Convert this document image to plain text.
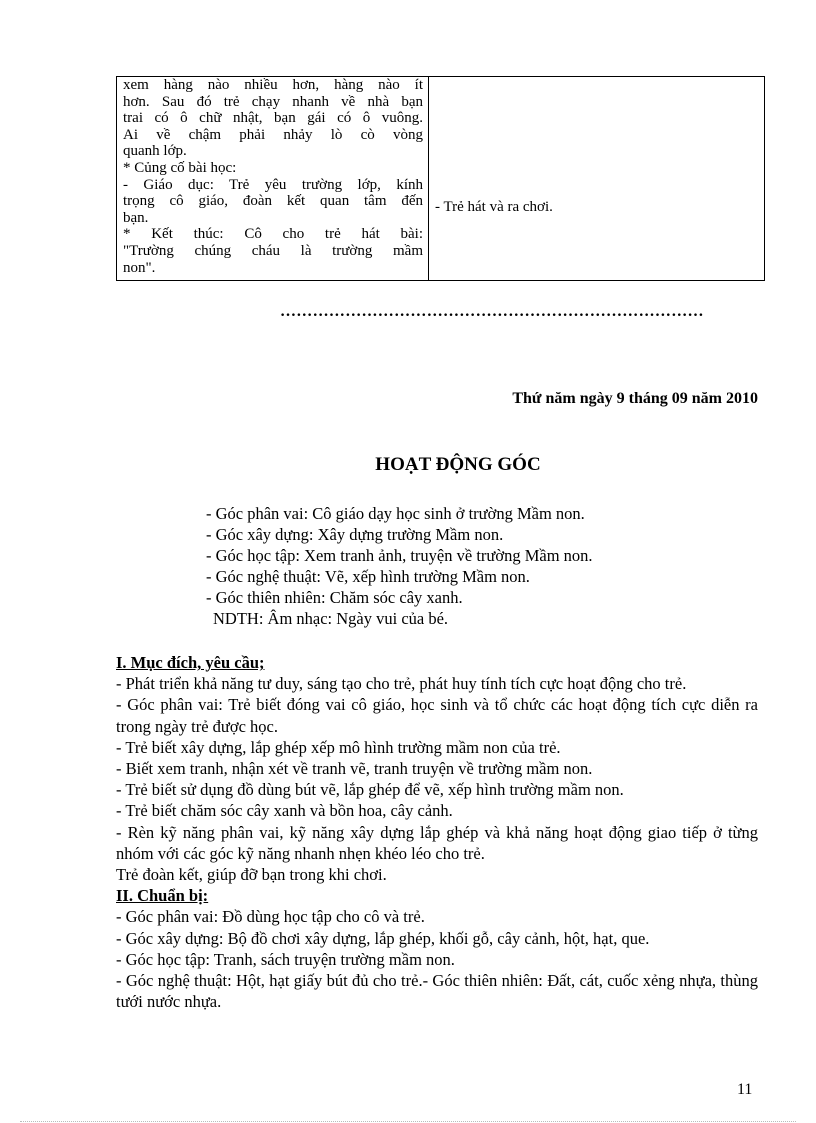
xem hàng nào nhiều hơn, hàng nào ít
hơn. Sau đó trẻ chạy nhanh về nhà bạn
trai có ô chữ nhật, bạn gái có ô vuông.
Ai về chậm phải nhảy lò cò vòng
quanh lớp.
* Củng cố bài học:
- Giáo dục: Trẻ yêu trường lớp, kính
trọng cô giáo, đoàn kết quan tâm đến
bạn.
* Kết thúc: Cô cho trẻ hát bài:
"Trường chúng cháu là trường mầm
non".
- Trẻ hát và ra chơi.
……………………………………………………………………
Thứ năm ngày 9 tháng 09 năm 2010
HOẠT ĐỘNG GÓC
- Góc phân vai: Cô giáo dạy học sinh ở trường Mầm non.
- Góc xây dựng: Xây dựng trường Mầm non.
- Góc học tập: Xem tranh ảnh, truyện về trường Mầm non.
- Góc nghệ thuật: Vẽ, xếp hình trường Mầm non.
- Góc thiên nhiên: Chăm sóc cây xanh.
NDTH: Âm nhạc: Ngày vui của bé.
I. Mục đích, yêu cầu;
- Phát triển khả năng tư duy, sáng tạo cho trẻ, phát huy tính tích cực hoạt động cho trẻ.
- Góc phân vai: Trẻ biết đóng vai cô giáo, học sinh và tổ chức các hoạt động tích cực diễn ra trong ngày trẻ được học.
- Trẻ biết xây dựng, lắp ghép xếp mô hình trường mầm non của trẻ.
- Biết xem tranh, nhận xét về tranh vẽ, tranh truyện về trường mầm non.
- Trẻ biết sử dụng đồ dùng bút vẽ, lắp ghép để vẽ, xếp hình trường mầm non.
- Trẻ biết chăm sóc cây xanh và bồn hoa, cây cảnh.
- Rèn kỹ năng phân vai, kỹ năng xây dựng lắp ghép và khả năng hoạt động giao tiếp ở từng nhóm với các góc kỹ năng nhanh nhẹn khéo léo cho trẻ.
Trẻ đoàn kết, giúp đỡ bạn trong khi chơi.
II. Chuẩn bị:
- Góc phân vai: Đồ dùng học tập cho cô và trẻ.
- Góc xây dựng: Bộ đồ chơi xây dựng, lắp ghép, khối gỗ, cây cảnh, hột, hạt, que.
- Góc học tập: Tranh, sách truyện trường mầm non.
- Góc nghệ thuật: Hột, hạt giấy bút đủ cho trẻ.- Góc thiên nhiên: Đất, cát, cuốc xẻng nhựa, thùng tưới nước nhựa.
11
